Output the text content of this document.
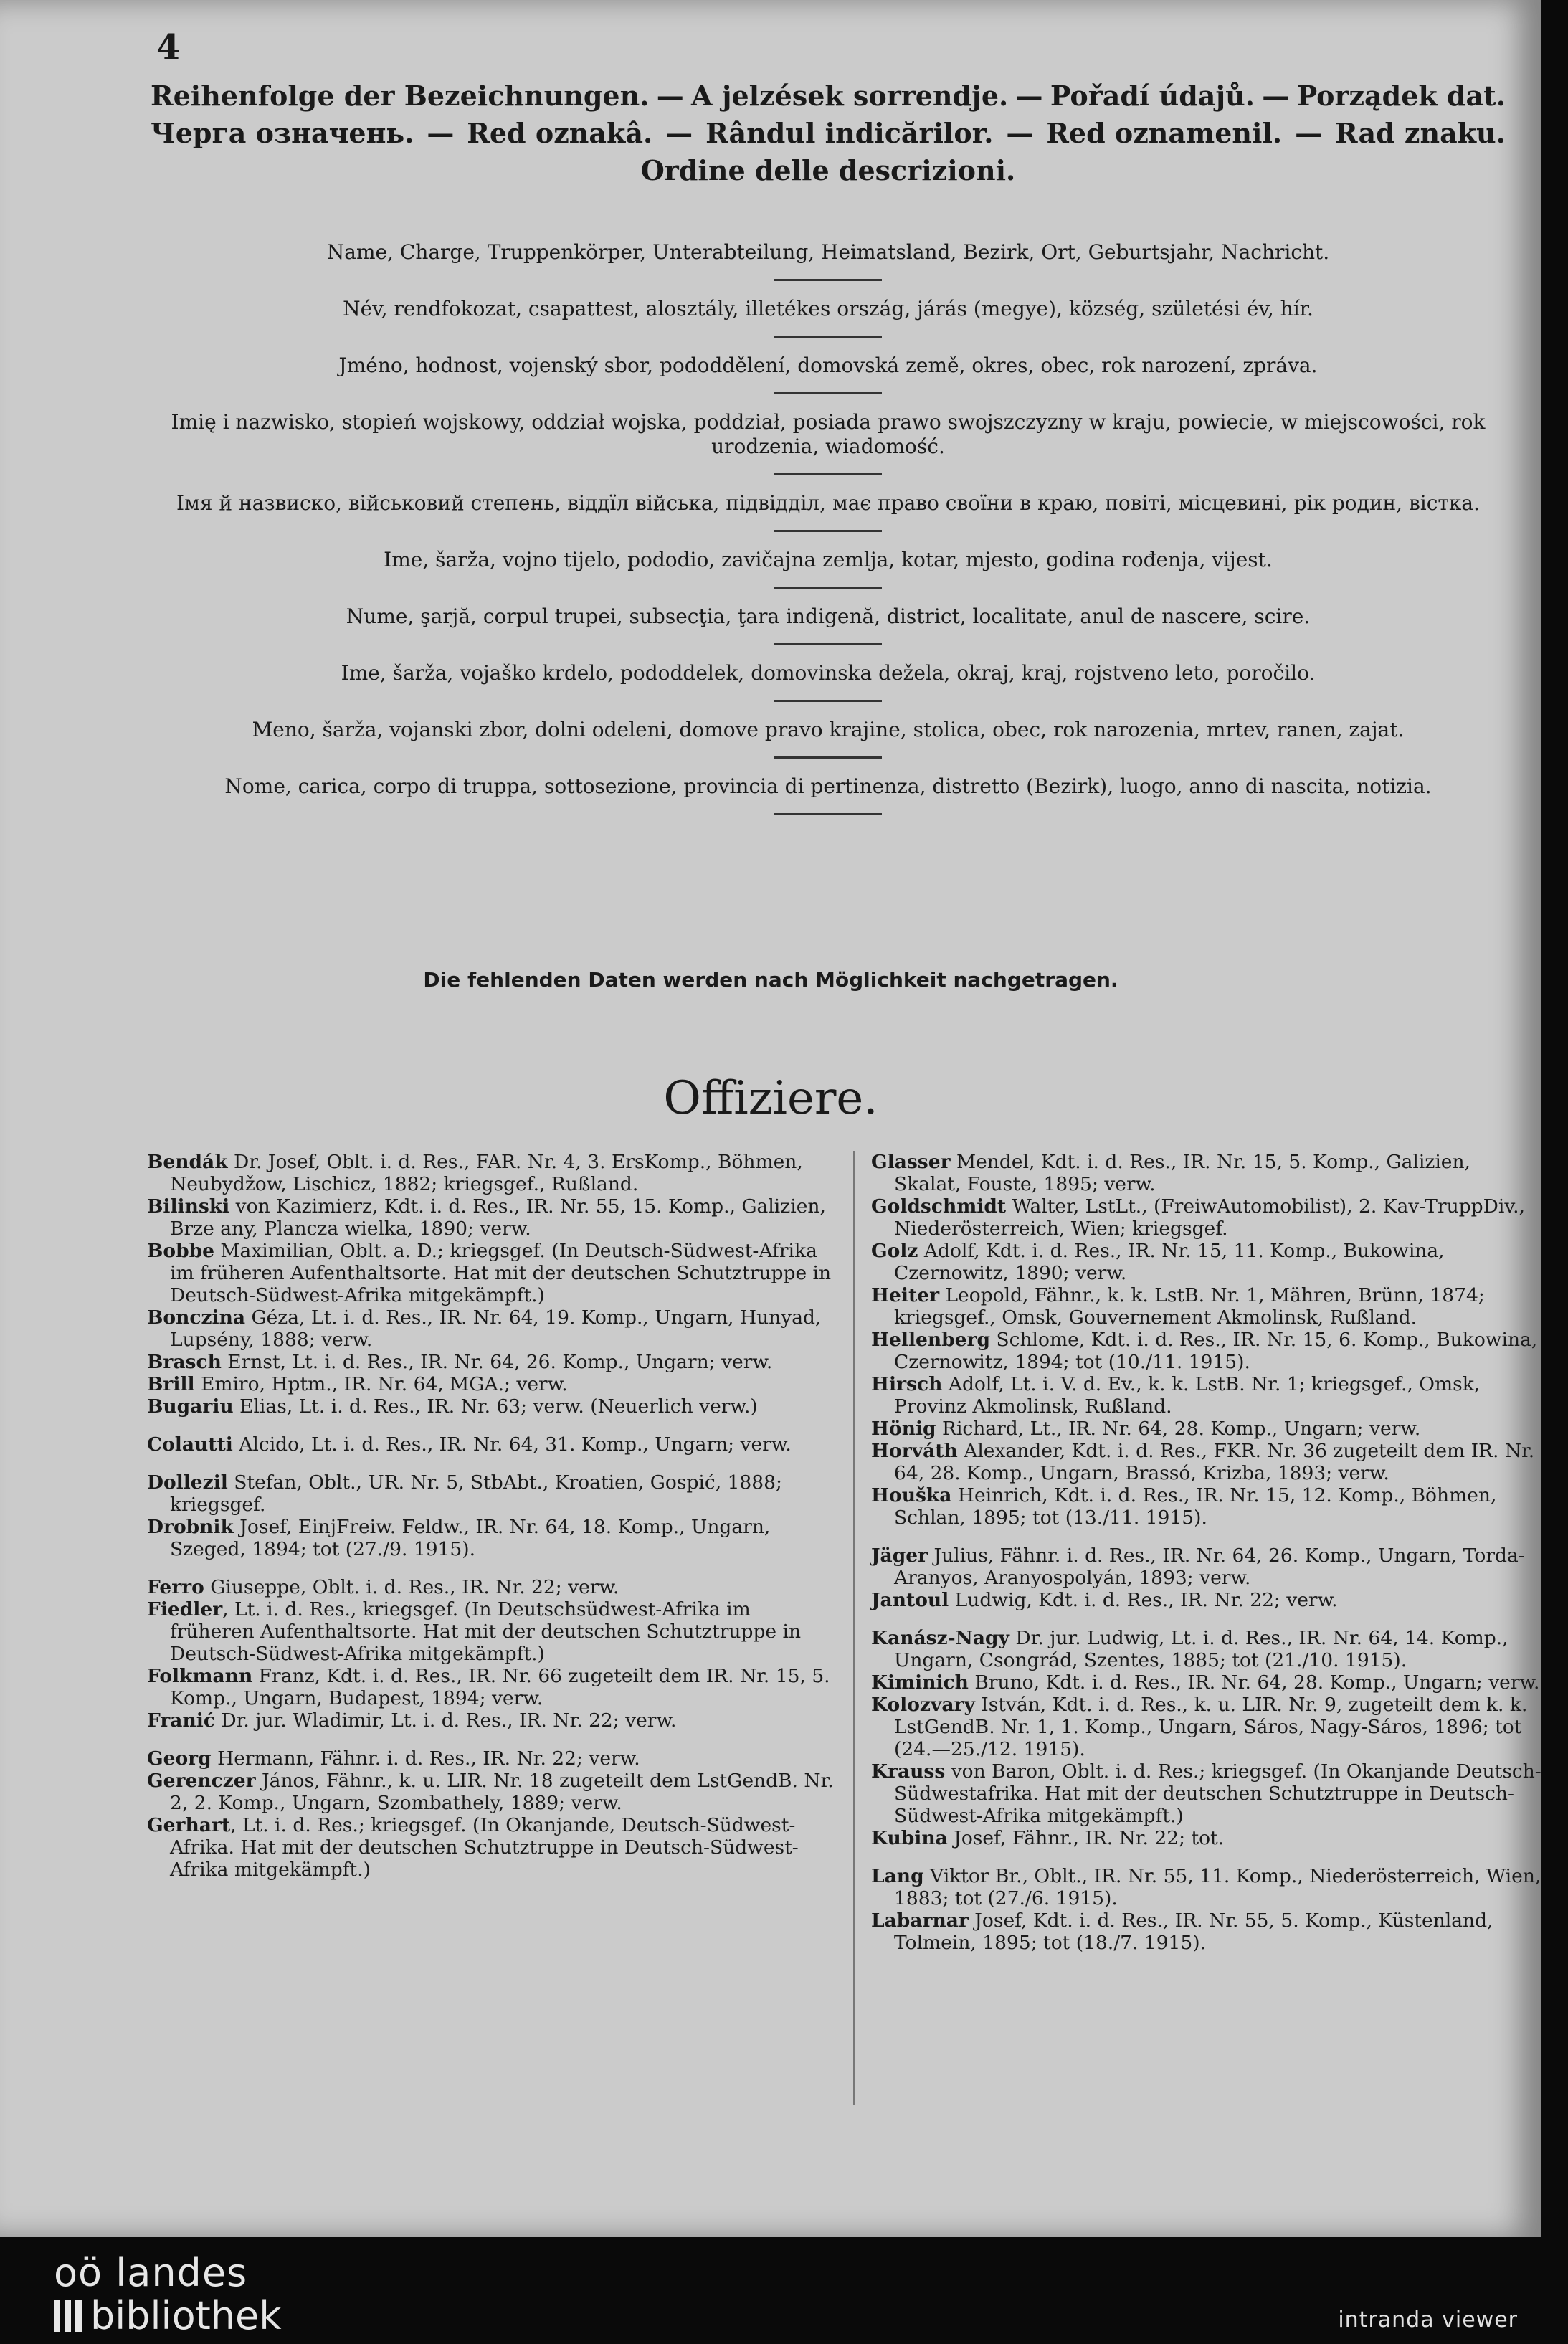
4
Reihenfolge der Bezeichnungen. — A jelzések sorrendje. — Pořadí údajů. — Porządek dat.
Черга означень. — Red oznakâ. — Rândul indicărilor. — Red oznamenil. — Rad znaku.
Ordine delle descrizioni.
Name, Charge, Truppenkörper, Unterabteilung, Heimatsland, Bezirk, Ort, Geburtsjahr, Nachricht.
Név, rendfokozat, csapattest, alosztály, illetékes ország, járás (megye), község, születési év, hír.
Jméno, hodnost, vojenský sbor, pododdělení, domovská země, okres, obec, rok narození, zpráva.
Imię i nazwisko, stopień wojskowy, oddział wojska, poddział, posiada prawo swojszczyzny w kraju, powiecie, w miejscowości, rok urodzenia, wiadomość.
Імя й назвиско, військовий степень, віддїл війська, підвідділ, має право своїни в краю, повіті, місцевині, рік родин, вістка.
Ime, šarža, vojno tijelo, pododio, zavičajna zemlja, kotar, mjesto, godina rođenja, vijest.
Nume, şarjă, corpul trupei, subsecţia, ţara indigenă, district, localitate, anul de nascere, scire.
Ime, šarža, vojaško krdelo, pododdelek, domovinska dežela, okraj, kraj, rojstveno leto, poročilo.
Meno, šarža, vojanski zbor, dolni odeleni, domove pravo krajine, stolica, obec, rok narozenia, mrtev, ranen, zajat.
Nome, carica, corpo di truppa, sottosezione, provincia di pertinenza, distretto (Bezirk), luogo, anno di nascita, notizia.
Die fehlenden Daten werden nach Möglichkeit nachgetragen.
Offiziere.
Bendák Dr. Josef, Oblt. i. d. Res., FAR. Nr. 4, 3. ErsKomp., Böhmen, Neubydžow, Lischicz, 1882; kriegsgef., Rußland.
Bilinski von Kazimierz, Kdt. i. d. Res., IR. Nr. 55, 15. Komp., Galizien, Brze any, Plancza wielka, 1890; verw.
Bobbe Maximilian, Oblt. a. D.; kriegsgef. (In Deutsch-Südwest-Afrika im früheren Aufenthaltsorte. Hat mit der deutschen Schutztruppe in Deutsch-Südwest-Afrika mitgekämpft.)
Bonczina Géza, Lt. i. d. Res., IR. Nr. 64, 19. Komp., Ungarn, Hunyad, Lupsény, 1888; verw.
Brasch Ernst, Lt. i. d. Res., IR. Nr. 64, 26. Komp., Ungarn; verw.
Brill Emiro, Hptm., IR. Nr. 64, MGA.; verw.
Bugariu Elias, Lt. i. d. Res., IR. Nr. 63; verw. (Neuerlich verw.)
Colautti Alcido, Lt. i. d. Res., IR. Nr. 64, 31. Komp., Ungarn; verw.
Dollezil Stefan, Oblt., UR. Nr. 5, StbAbt., Kroatien, Gospić, 1888; kriegsgef.
Drobnik Josef, EinjFreiw. Feldw., IR. Nr. 64, 18. Komp., Ungarn, Szeged, 1894; tot (27./9. 1915).
Ferro Giuseppe, Oblt. i. d. Res., IR. Nr. 22; verw.
Fiedler, Lt. i. d. Res., kriegsgef. (In Deutschsüdwest-Afrika im früheren Aufenthaltsorte. Hat mit der deutschen Schutztruppe in Deutsch-Südwest-Afrika mitgekämpft.)
Folkmann Franz, Kdt. i. d. Res., IR. Nr. 66 zugeteilt dem IR. Nr. 15, 5. Komp., Ungarn, Budapest, 1894; verw.
Franić Dr. jur. Wladimir, Lt. i. d. Res., IR. Nr. 22; verw.
Georg Hermann, Fähnr. i. d. Res., IR. Nr. 22; verw.
Gerenczer János, Fähnr., k. u. LIR. Nr. 18 zugeteilt dem LstGendB. Nr. 2, 2. Komp., Ungarn, Szombathely, 1889; verw.
Gerhart, Lt. i. d. Res.; kriegsgef. (In Okanjande, Deutsch-Südwest-Afrika. Hat mit der deutschen Schutztruppe in Deutsch-Südwest-Afrika mitgekämpft.)
Glasser Mendel, Kdt. i. d. Res., IR. Nr. 15, 5. Komp., Galizien, Skalat, Fouste, 1895; verw.
Goldschmidt Walter, LstLt., (FreiwAutomobilist), 2. Kav-TruppDiv., Niederösterreich, Wien; kriegsgef.
Golz Adolf, Kdt. i. d. Res., IR. Nr. 15, 11. Komp., Bukowina, Czernowitz, 1890; verw.
Heiter Leopold, Fähnr., k. k. LstB. Nr. 1, Mähren, Brünn, 1874; kriegsgef., Omsk, Gouvernement Akmolinsk, Rußland.
Hellenberg Schlome, Kdt. i. d. Res., IR. Nr. 15, 6. Komp., Bukowina, Czernowitz, 1894; tot (10./11. 1915).
Hirsch Adolf, Lt. i. V. d. Ev., k. k. LstB. Nr. 1; kriegsgef., Omsk, Provinz Akmolinsk, Rußland.
Hönig Richard, Lt., IR. Nr. 64, 28. Komp., Ungarn; verw.
Horváth Alexander, Kdt. i. d. Res., FKR. Nr. 36 zugeteilt dem IR. Nr. 64, 28. Komp., Ungarn, Brassó, Krizba, 1893; verw.
Houška Heinrich, Kdt. i. d. Res., IR. Nr. 15, 12. Komp., Böhmen, Schlan, 1895; tot (13./11. 1915).
Jäger Julius, Fähnr. i. d. Res., IR. Nr. 64, 26. Komp., Ungarn, Torda-Aranyos, Aranyospolyán, 1893; verw.
Jantoul Ludwig, Kdt. i. d. Res., IR. Nr. 22; verw.
Kanász-Nagy Dr. jur. Ludwig, Lt. i. d. Res., IR. Nr. 64, 14. Komp., Ungarn, Csongrád, Szentes, 1885; tot (21./10. 1915).
Kiminich Bruno, Kdt. i. d. Res., IR. Nr. 64, 28. Komp., Ungarn; verw.
Kolozvary István, Kdt. i. d. Res., k. u. LIR. Nr. 9, zugeteilt dem k. k. LstGendB. Nr. 1, 1. Komp., Ungarn, Sáros, Nagy-Sáros, 1896; tot (24.—25./12. 1915).
Krauss von Baron, Oblt. i. d. Res.; kriegsgef. (In Okanjande Deutsch-Südwestafrika. Hat mit der deutschen Schutztruppe in Deutsch-Südwest-Afrika mitgekämpft.)
Kubina Josef, Fähnr., IR. Nr. 22; tot.
Lang Viktor Br., Oblt., IR. Nr. 55, 11. Komp., Niederösterreich, Wien, 1883; tot (27./6. 1915).
Labarnar Josef, Kdt. i. d. Res., IR. Nr. 55, 5. Komp., Küstenland, Tolmein, 1895; tot (18./7. 1915).
oö landes
bibliothek	intranda viewer
